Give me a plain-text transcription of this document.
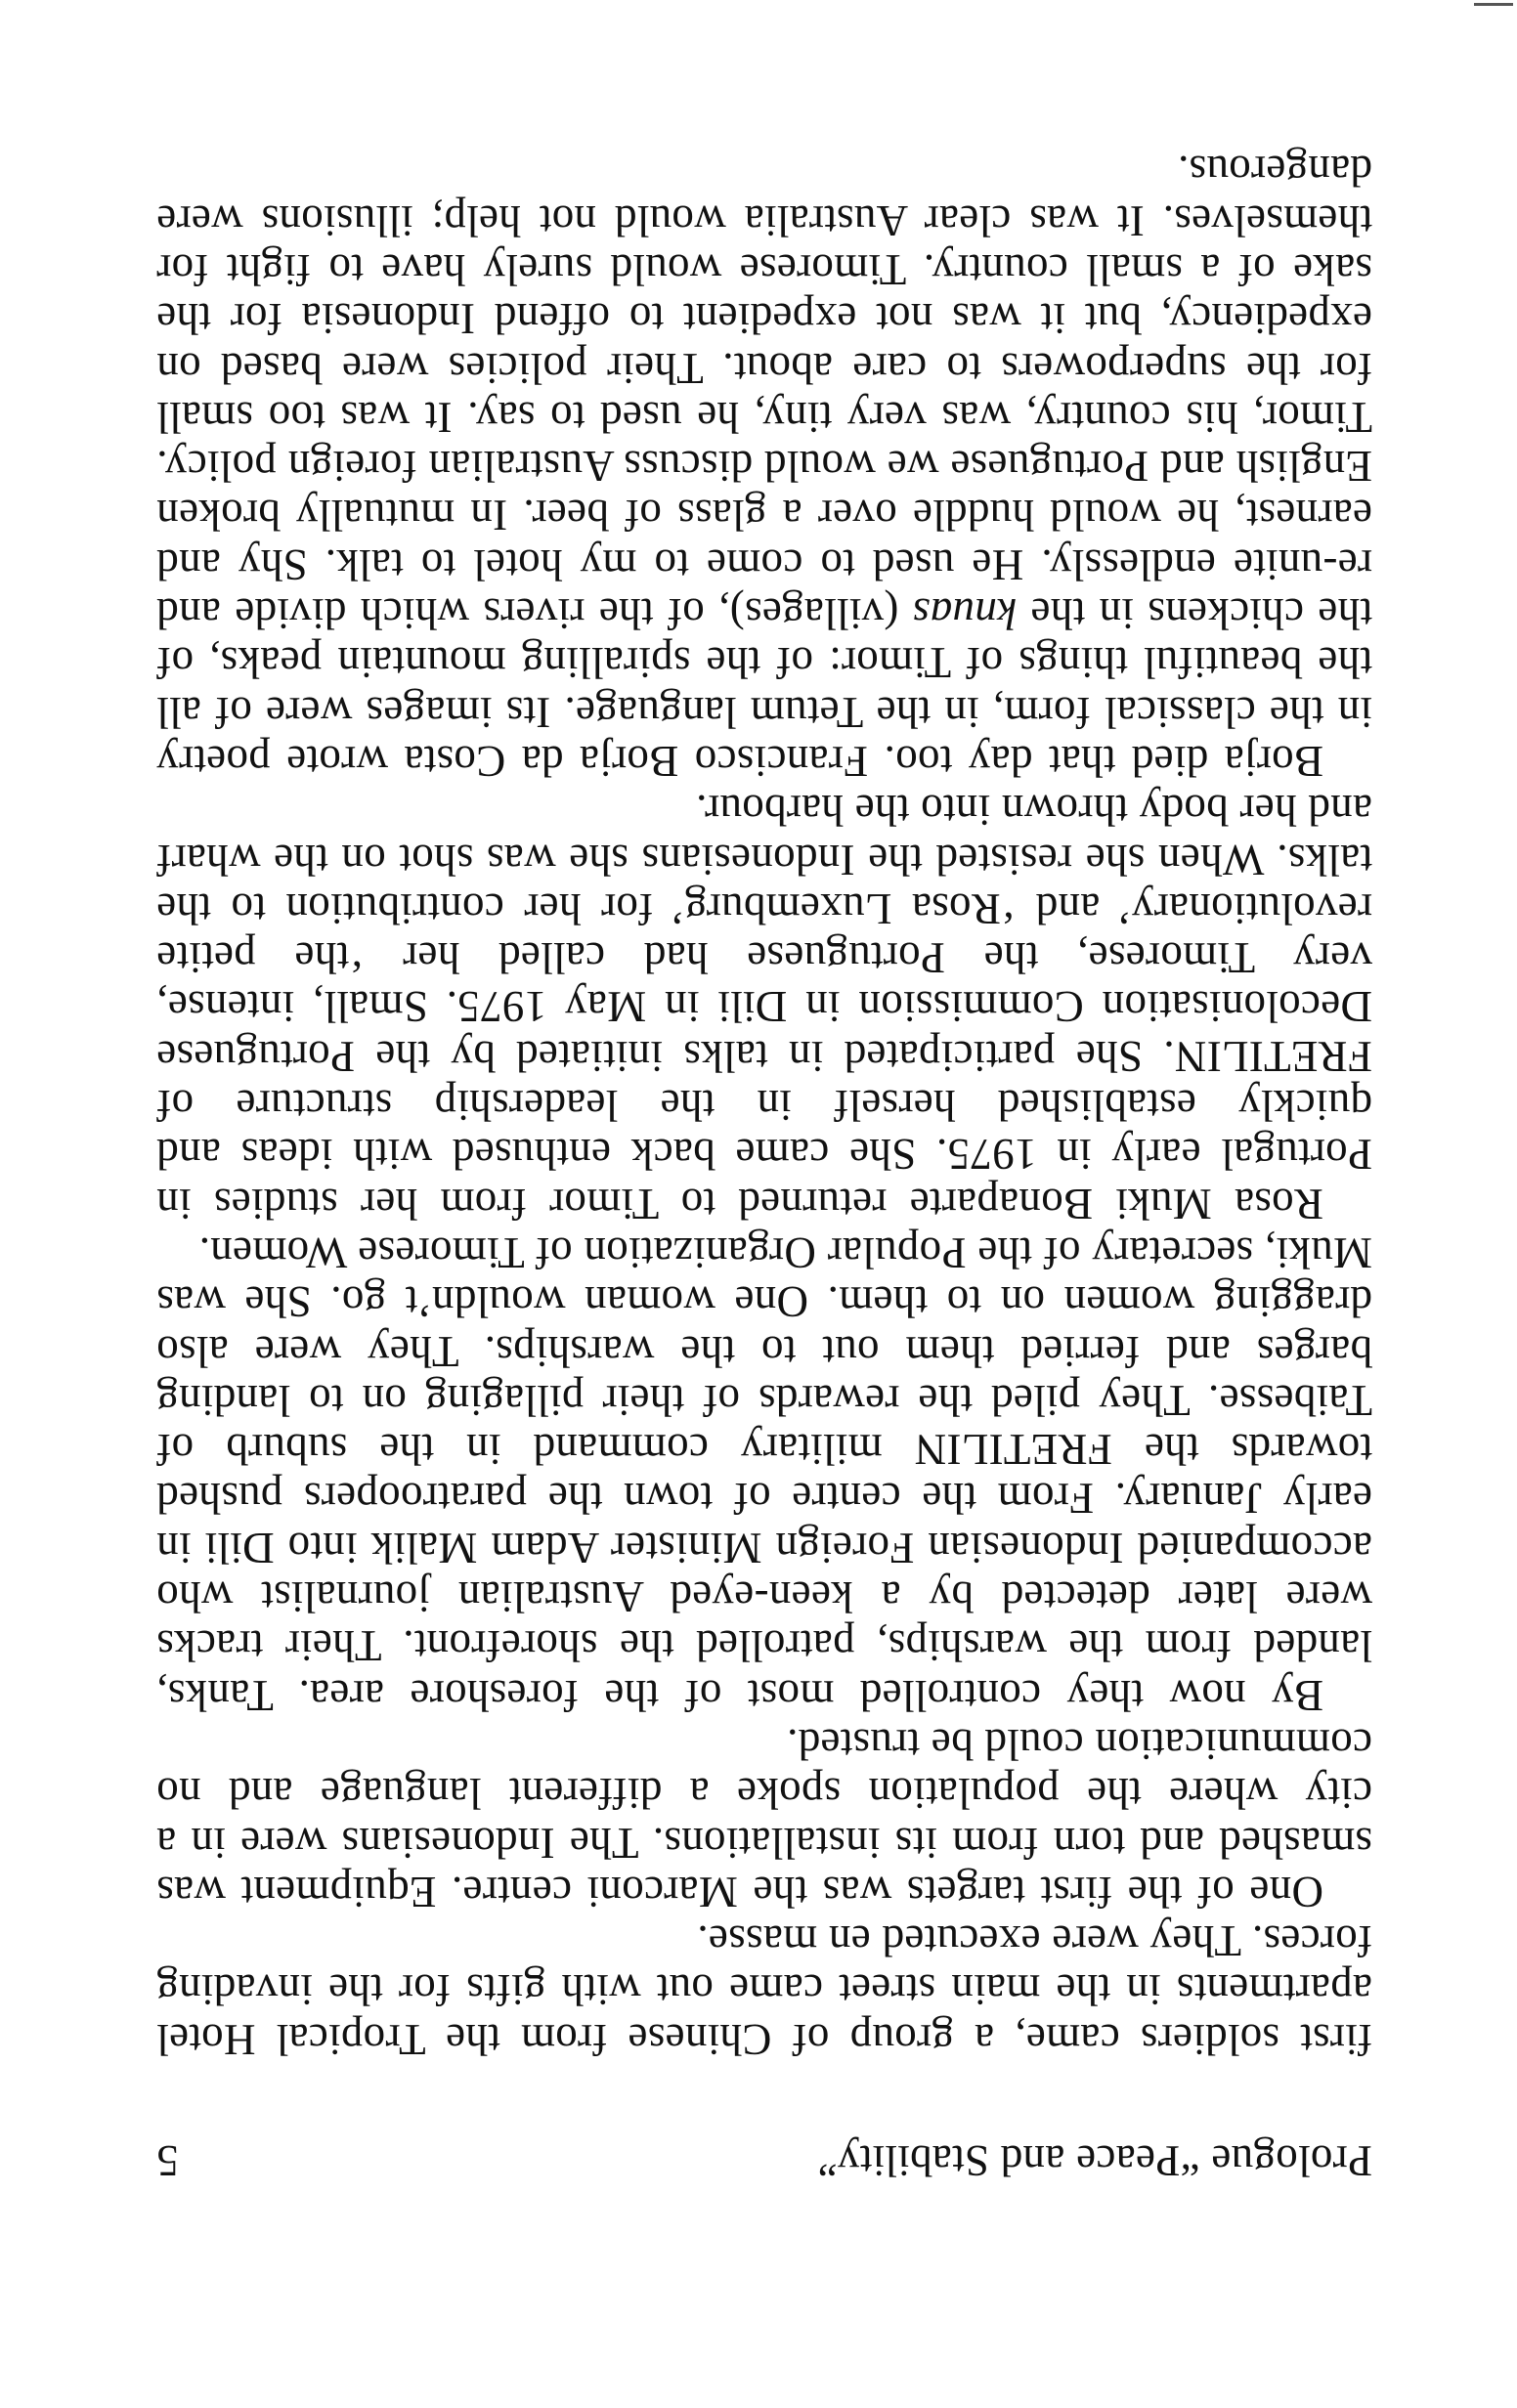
Prologue “Peace and Stability”
5

first soldiers came, a group of Chinese from the Tropical Hotel apartments in the main street came out with gifts for the invading forces. They were executed en masse.

One of the first targets was the Marconi centre. Equipment was smashed and torn from its installations. The Indonesians were in a city where the population spoke a different language and no communication could be trusted.

By now they controlled most of the foreshore area. Tanks, landed from the warships, patrolled the shorefront. Their tracks were later detected by a keen-eyed Australian journalist who accompanied Indonesian Foreign Minister Adam Malik into Dili in early January. From the centre of town the paratroopers pushed towards the FRETILIN military command in the suburb of Taibesse. They piled the rewards of their pillaging on to landing barges and ferried them out to the warships. They were also dragging women on to them. One woman wouldn’t go. She was Muki, secretary of the Popular Organization of Timorese Women.

Rosa Muki Bonaparte returned to Timor from her studies in Portugal early in 1975. She came back enthused with ideas and quickly established herself in the leadership structure of FRETILIN. She participated in talks initiated by the Portuguese Decolonisation Commission in Dili in May 1975. Small, intense, very Timorese, the Portuguese had called her ‘the petite revolutionary’ and ‘Rosa Luxemburg’ for her contribution to the talks. When she resisted the Indonesians she was shot on the wharf and her body thrown into the harbour.

Borja died that day too. Francisco Borja da Costa wrote poetry in the classical form, in the Tetum language. Its images were of all the beautiful things of Timor: of the spiralling mountain peaks, of the chickens in the knuas (villages), of the rivers which divide and re-unite endlessly. He used to come to my hotel to talk. Shy and earnest, he would huddle over a glass of beer. In mutually broken English and Portuguese we would discuss Australian foreign policy. Timor, his country, was very tiny, he used to say. It was too small for the superpowers to care about. Their policies were based on expediency, but it was not expedient to offend Indonesia for the sake of a small country. Timorese would surely have to fight for themselves. It was clear Australia would not help; illusions were dangerous.
